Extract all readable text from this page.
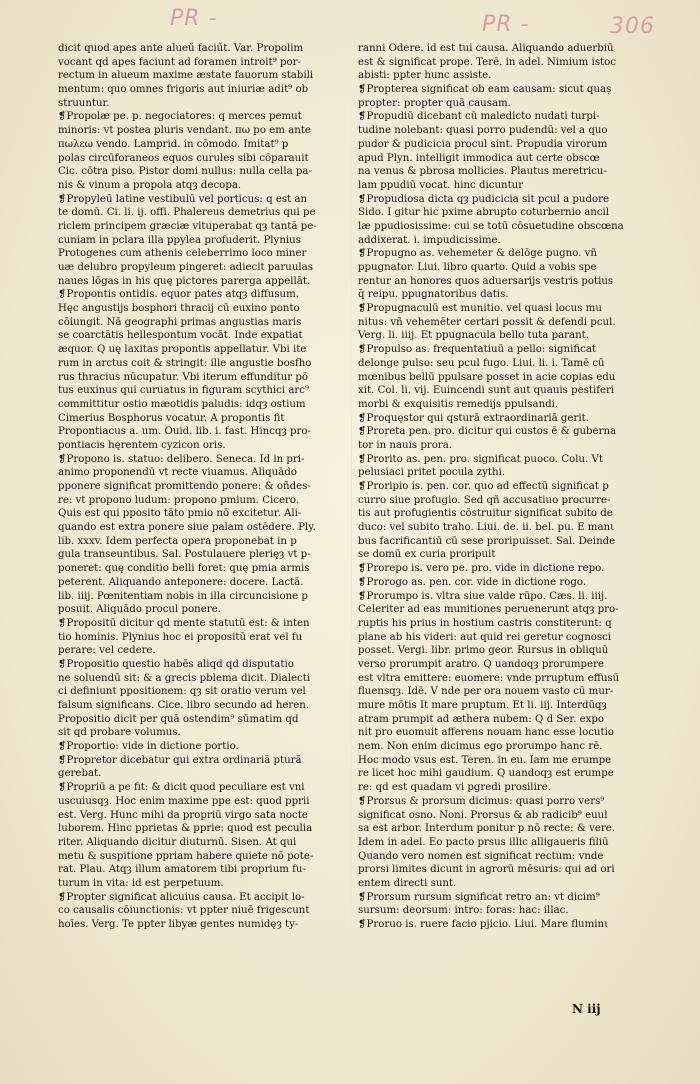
PR -	PR -	306
dicit quod apes ante alueű faciűt. Var. Propolim
vocant qd apes faciunt ad foramen introit⁹ por-
rectum in alueum maxime æstate fauorum stabili
mentum: quo omnes frigoris aut iniuriæ adit⁹ ob
struuntur.
❡Propolæ pe. p. negociatores: q merces pemut
minoris: vt postea pluris vendant. πω po em ante
πωλεω vendo. Lamprid. in cōmodo. Imitat⁹ p
polas circūforaneos equos curules sibi cōparauit
Cic. cōtra piso. Pistor domi nullus: nulla cella pa-
nis & vinum a propola atqȝ decopa.
❡Propyleū latine vestibulū vel porticus: q est an
te domū. Ci. li. ij. offi. Phalereus demetrius qui pe
riclem principem græciæ vituperabat qȝ tantā pe-
cuniam in pclara illa ppylea profuderit. Plynius
Protogenes cum athenis celeberrimo loco miner
uæ delubro propyleum pingeret: adiecit paruulas
naues lōgas in his quę pictores parerga appellāt.
❡Propontis ontidis. equor pates atqȝ diffusum.
Hęc angustijs bosphori thracij cū euxino ponto
cōiungit. Nā geographi primas angustias maris
se coarctātis hellespontum vocāt. Inde expatiat
æquor. Q uę laxitas propontis appellatur. Vbi ite
rum in arctus coit & stringit: ille angustie bosfho
rus thracius nūcupatur. Vbi iterum effunditur pō
tus euxinus qui curuatus in figuram scythici arc⁹
committitur ostio mæotidis paludis: idqȝ ostium
Cimerius Bosphorus vocatur. A propontis fit
Propontiacus a. um. Ouid. lib. i. fast. Hincqȝ pro-
pontiacis hęrentem cyzicon oris.
❡Propono is. statuo: delibero. Seneca. Id in pri-
animo proponendū vt recte viuamus. Aliquādo
pponere significat promittendo ponere: & oñdes-
re: vt propono ludum: propono pmium. Cicero.
Quis est qui pposito tāto pmio nō excitetur. Ali-
quando est extra ponere siue palam ostēdere. Ply.
lib. xxxv. Idem perfecta opera proponebat in p
gula transeuntibus. Sal. Postulauere plerięȝ vt p-
poneret: quę conditio belli foret: quę pmia armis
peterent. Aliquando anteponere: docere. Lactā.
lib. iiij. Pœnitentiam nobis in illa circuncisione p
posuit. Aliquādo procul ponere.
❡Propositū dicitur qd mente statutū est: & inten
tio hominis. Plynius hoc ei propositū erat vel fu
perare: vel cedere.
❡Propositio questio habēs aliqd qd disputatio
ne soluendū sit: & a grecis pblema dicit. Dialecti
ci definiunt ppositionem: qȝ sit oratio verum vel
falsum significans. Cice. libro secundo ad heren.
Propositio dicit per quā ostendim⁹ sūmatim qd
sit qd probare volumus.
❡Proportio: vide in dictione portio.
❡Propretor dicebatur qui extra ordinariā pturā
gerebat.
❡Propriū a pe fit: & dicit quod peculiare est vni
uscuiusqȝ. Hoc enim maxime ppe est: quod pprii
est. Verg. Hunc mihi da propriū virgo sata nocte
luborem. Hinc pprietas & pprie: quod est peculia
riter. Aliquando dicitur diuturnū. Sisen. At qui
metu & suspitione ppriam habere quiete nō pote-
rat. Plau. Atqȝ illum amatorem tibi proprium fu-
turum in vita: id est perpetuum.
❡Propter significat alicuius causa. Et accipit lo-
co causalis cōiunctionis: vt ppter niuē frigescunt
hoīes. Verg. Te ppter libyæ gentes numidęȝ ty-
ranni Odere. id est tui causa. Aliquando aduerbiū
est & significat prope. Terē. in adel. Nimium istoc
abisti: ppter hunc assiste.
❡Propterea significat ob eam causam: sicut quaș
propter: propter quā causam.
❡Propudiū dicebant cū maledicto nudati turpi-
tudine nolebant: quasi porro pudendū: vel a quo
pudor & pudicicia procul sint. Propudia virorum
apud Plyn. intelligit immodica aut certe obscœ
na venus & pbrosa mollicies. Plautus meretricu-
lam ppudiū vocat. hinc dicuntur
❡Propudiosa dicta qȝ pudicicia sit pcul a pudore
Sido. I gitur hic pxime abrupto coturbernio ancil
læ ppudiosissime: cui se totū cōsuetudine obscœna
addixerat. i. impudicissime.
❡Propugno as. vehemeter & delōge pugno. vñ
ppugnator. Liui. libro quarto. Quid a vobis spe
rentur an honores quos aduersarijs vestris potius
q̄ reipu. ppugnatoribus datis.
❡Propugnaculū est munitio. vel quasi locus mu
nitus: vñ vehemēter certari possit & defendi pcul.
Verg. li. iiij. Et ppugnacula bello tuta parant.
❡Propulso as. frequentatiuū a pello: significat
delonge pulso: seu pcul fugo. Liui. li. i. Tamē cū
mœnibus bellū ppulsare posset in acie copias edu
xit. Col. li. vij. Euincendi sunt aut quauis pestiferi
morbi & exquisitis remedijs ppulsandi.
❡Proquęstor qui qsturā extraordinariā gerit.
❡Proreta pen. pro. dicitur qui custos ē & guberna
tor in nauis prora.
❡Prorito as. pen. pro. significat puoco. Colu. Vt
pelusiaci pritet pocula zythi.
❡Proripio is. pen. cor. quo ad effectū significat p
curro siue profugio. Sed qñ accusatiuo procurre-
tis aut profugientis cōstruitur significat subito de
duco: vel subito traho. Liui. de. ii. bel. pu. E manι
bus facrificantiū cū sese proripuisset. Sal. Deinde
se domū ex curia proripuit
❡Prorepo is. vero pe. pro. vide in dictione repo.
❡Prorogo as. pen. cor. vide in dictione rogo.
❡Prorumpo is. vltra siue valde rūpo. Cæs. li. iiij.
Celeriter ad eas munitiones peruenerunt atqȝ pro-
ruptis his prius in hostium castris constiterunt: q
plane ab his videri: aut quid rei geretur cognosci
posset. Vergi. libr. primo geor. Rursus in obliquū
verso prorumpit aratro. Q uandoqȝ prorumpere
est vltra emittere: euomere: vnde prruptum effusū
fluensqȝ. Idē. V nde per ora nouem vasto cū mur-
mure mōtis It mare pruptum. Et li. iij. Interdūqȝ
atram prumpit ad æthera nubem: Q d Ser. expo
nit pro euomuit afferens nouam hanc esse locutio
nem. Non enim dicimus ego prorumpo hanc rē.
Hoc modo vsus est. Teren. in eu. Iam me erumpe
re licet hoc mihi gaudium. Q uandoqȝ est erumpe
re: qd est quadam vi pgredi prosilire.
❡Prorsus & prorsum dicimus: quasi porro vers⁹
significat osno. Noni. Prorsus & ab radicib⁹ euul
sa est arbor. Interdum ponitur p nō recte: & vere.
Idem in adel. Eo pacto prsus illic alligaueris filiū
Quando vero nomen est significat rectum: vnde
prorsi limites dicunt in agrorū mēsuris: qui ad ori
entem directi sunt.
❡Prorsum rursum significat retro an: vt dicim⁹
sursum: deorsum: intro: foras: hac: illac.
❡Proruo is. ruere facio pjicio. Liui. Mare fluminι
N iij
